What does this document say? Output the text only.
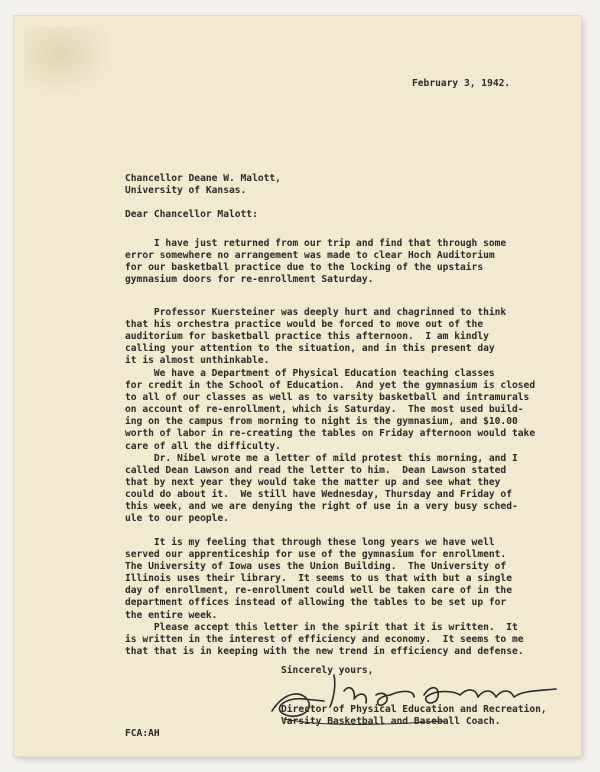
February 3, 1942.
Chancellor Deane W. Malott,
University of Kansas.
Dear Chancellor Malott:
I have just returned from our trip and find that through some
error somewhere no arrangement was made to clear Hoch Auditorium
for our basketball practice due to the locking of the upstairs
gymnasium doors for re-enrollment Saturday.
Professor Kuersteiner was deeply hurt and chagrinned to think
that his orchestra practice would be forced to move out of the
auditorium for basketball practice this afternoon.  I am kindly
calling your attention to the situation, and in this present day
it is almost unthinkable.
We have a Department of Physical Education teaching classes
for credit in the School of Education.  And yet the gymnasium is closed
to all of our classes as well as to varsity basketball and intramurals
on account of re-enrollment, which is Saturday.  The most used build-
ing on the campus from morning to night is the gymnasium, and $10.00
worth of labor in re-creating the tables on Friday afternoon would take
care of all the difficulty.
Dr. Nibel wrote me a letter of mild protest this morning, and I
called Dean Lawson and read the letter to him.  Dean Lawson stated
that by next year they would take the matter up and see what they
could do about it.  We still have Wednesday, Thursday and Friday of
this week, and we are denying the right of use in a very busy sched-
ule to our people.
It is my feeling that through these long years we have well
served our apprenticeship for use of the gymnasium for enrollment.
The University of Iowa uses the Union Building.  The University of
Illinois uses their library.  It seems to us that with but a single
day of enrollment, re-enrollment could well be taken care of in the
department offices instead of allowing the tables to be set up for
the entire week.
Please accept this letter in the spirit that it is written.  It
is written in the interest of efficiency and economy.  It seems to me
that that is in keeping with the new trend in efficiency and defense.
Sincerely yours,
Director of Physical Education and Recreation,
Varsity Basketball and Baseball Coach.
FCA:AH
